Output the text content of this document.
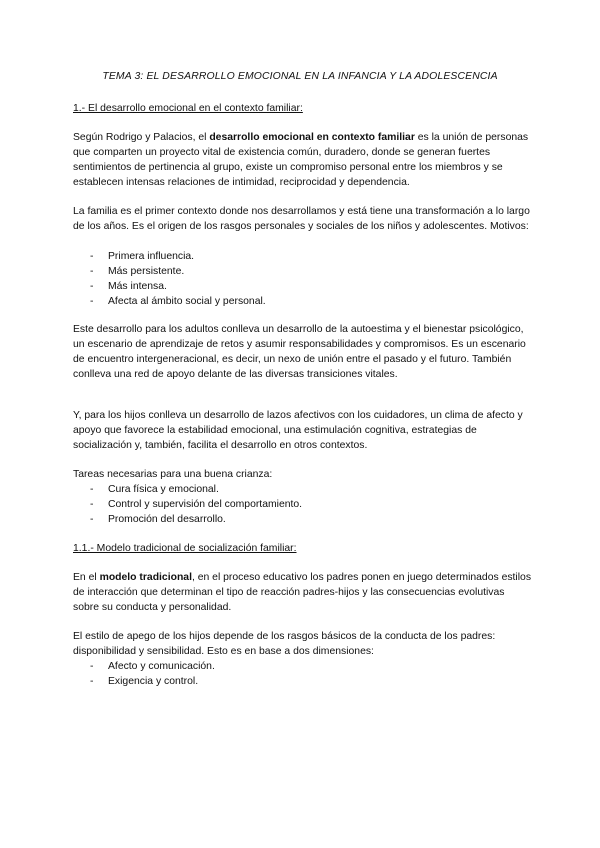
TEMA 3: EL DESARROLLO EMOCIONAL EN LA INFANCIA Y LA ADOLESCENCIA
1.- El desarrollo emocional en el contexto familiar:

Según Rodrigo y Palacios, el desarrollo emocional en contexto familiar es la unión de personas que comparten un proyecto vital de existencia común, duradero, donde se generan fuertes sentimientos de pertinencia al grupo, existe un compromiso personal entre los miembros y se establecen intensas relaciones de intimidad, reciprocidad y dependencia.

La familia es el primer contexto donde nos desarrollamos y está tiene una transformación a lo largo de los años. Es el origen de los rasgos personales y sociales de los niños y adolescentes. Motivos:

- Primera influencia.
- Más persistente.
- Más intensa.
- Afecta al ámbito social y personal.

Este desarrollo para los adultos conlleva un desarrollo de la autoestima y el bienestar psicológico, un escenario de aprendizaje de retos y asumir responsabilidades y compromisos. Es un escenario de encuentro intergeneracional, es decir, un nexo de unión entre el pasado y el futuro. También conlleva una red de apoyo delante de las diversas transiciones vitales.

Y, para los hijos conlleva un desarrollo de lazos afectivos con los cuidadores, un clima de afecto y apoyo que favorece la estabilidad emocional, una estimulación cognitiva, estrategias de socialización y, también, facilita el desarrollo en otros contextos.

Tareas necesarias para una buena crianza:

- Cura física y emocional.
- Control y supervisión del comportamiento.
- Promoción del desarrollo.
1.1.- Modelo tradicional de socialización familiar:

En el modelo tradicional, en el proceso educativo los padres ponen en juego determinados estilos de interacción que determinan el tipo de reacción padres-hijos y las consecuencias evolutivas sobre su conducta y personalidad.

El estilo de apego de los hijos depende de los rasgos básicos de la conducta de los padres: disponibilidad y sensibilidad. Esto es en base a dos dimensiones:

- Afecto y comunicación.
- Exigencia y control.
